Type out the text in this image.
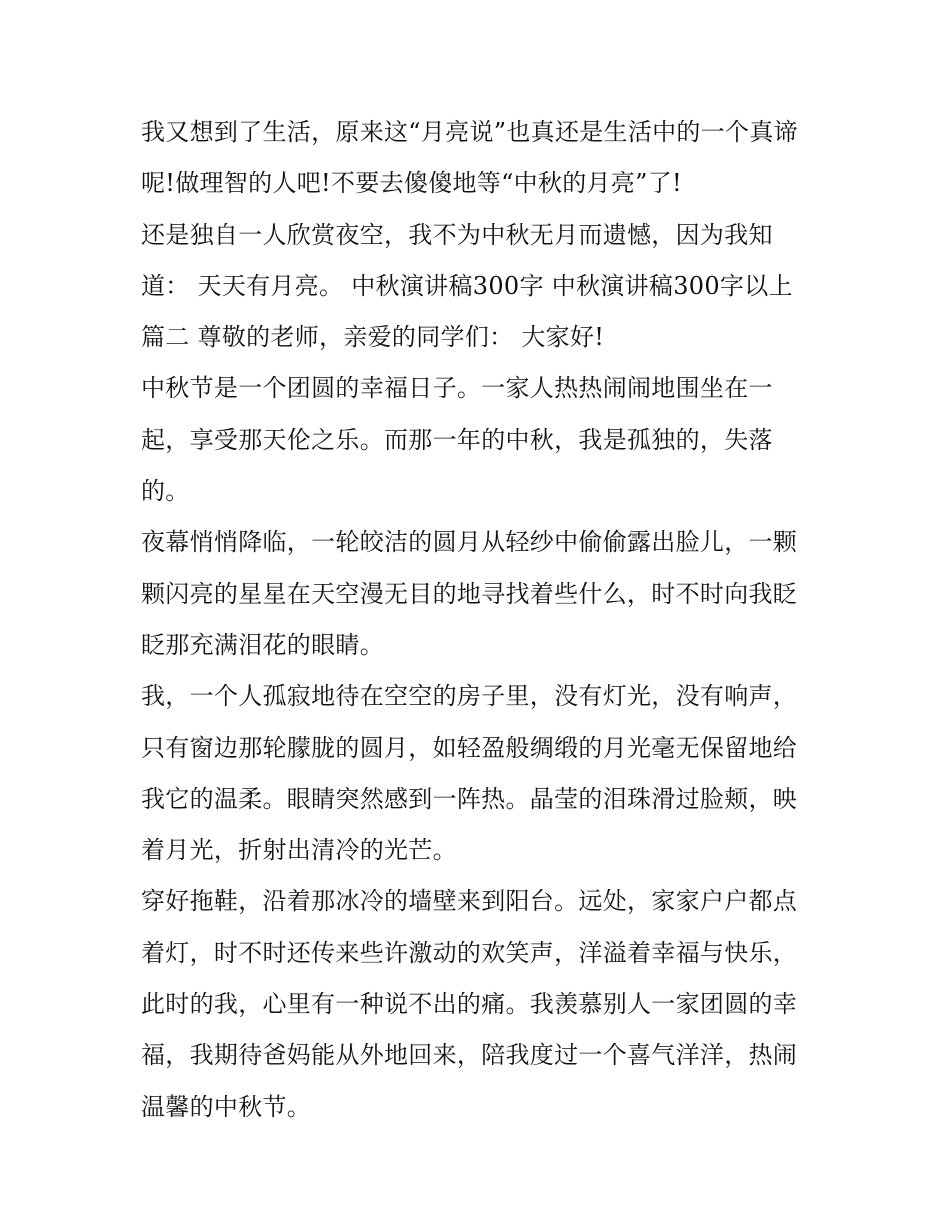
我又想到了生活，原来这“月亮说”也真还是生活中的一个真谛
呢!做理智的人吧!不要去傻傻地等“中秋的月亮”了!
还是独自一人欣赏夜空，我不为中秋无月而遗憾，因为我知
道： 天天有月亮。 中秋演讲稿300字 中秋演讲稿300字以上
篇二 尊敬的老师，亲爱的同学们： 大家好!
中秋节是一个团圆的幸福日子。一家人热热闹闹地围坐在一
起，享受那天伦之乐。而那一年的中秋，我是孤独的，失落
的。
夜幕悄悄降临，一轮皎洁的圆月从轻纱中偷偷露出脸儿，一颗
颗闪亮的星星在天空漫无目的地寻找着些什么，时不时向我眨
眨那充满泪花的眼睛。
我，一个人孤寂地待在空空的房子里，没有灯光，没有响声，
只有窗边那轮朦胧的圆月，如轻盈般绸缎的月光毫无保留地给
我它的温柔。眼睛突然感到一阵热。晶莹的泪珠滑过脸颊，映
着月光，折射出清冷的光芒。
穿好拖鞋，沿着那冰冷的墙壁来到阳台。远处，家家户户都点
着灯，时不时还传来些许激动的欢笑声，洋溢着幸福与快乐，
此时的我，心里有一种说不出的痛。我羡慕别人一家团圆的幸
福，我期待爸妈能从外地回来，陪我度过一个喜气洋洋，热闹
温馨的中秋节。
